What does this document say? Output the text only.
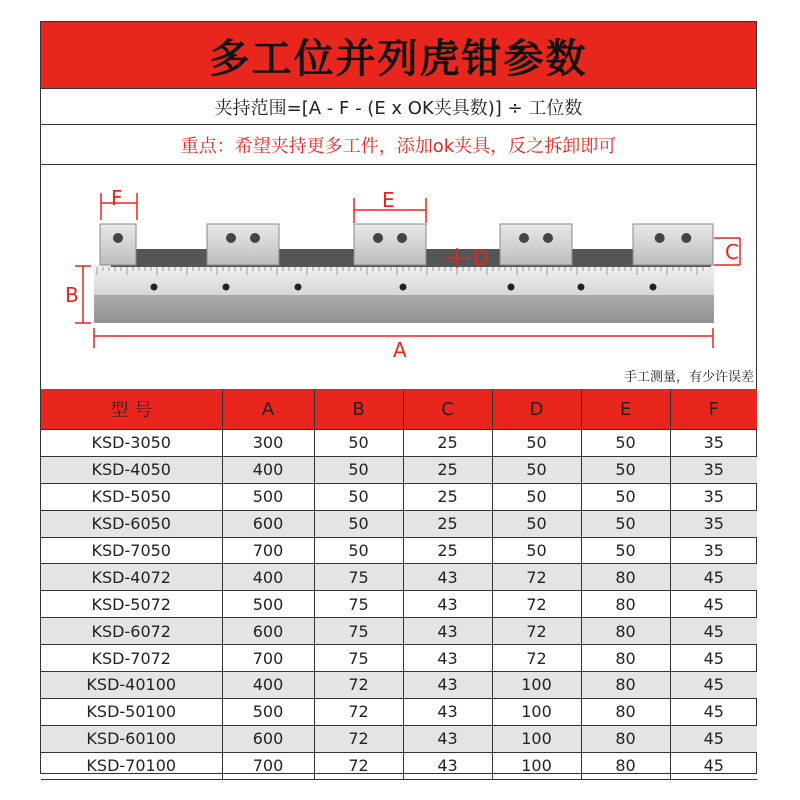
多工位并列虎钳参数
夹持范围=[A - F - (E x OK夹具数)] ÷ 工位数
重点：希望夹持更多工件，添加ok夹具，反之拆卸即可
F	E
D	C
B
A
手工测量，有少许误差
型 号	A	B	C	D	E	F
KSD-3050	300	50	25	50	50	35
KSD-4050	400	50	25	50	50	35
KSD-5050	500	50	25	50	50	35
KSD-6050	600	50	25	50	50	35
KSD-7050	700	50	25	50	50	35
KSD-4072	400	75	43	72	80	45
KSD-5072	500	75	43	72	80	45
KSD-6072	600	75	43	72	80	45
KSD-7072	700	75	43	72	80	45
KSD-40100	400	72	43	100	80	45
KSD-50100	500	72	43	100	80	45
KSD-60100	600	72	43	100	80	45
KSD-70100	700	72	43	100	80	45
